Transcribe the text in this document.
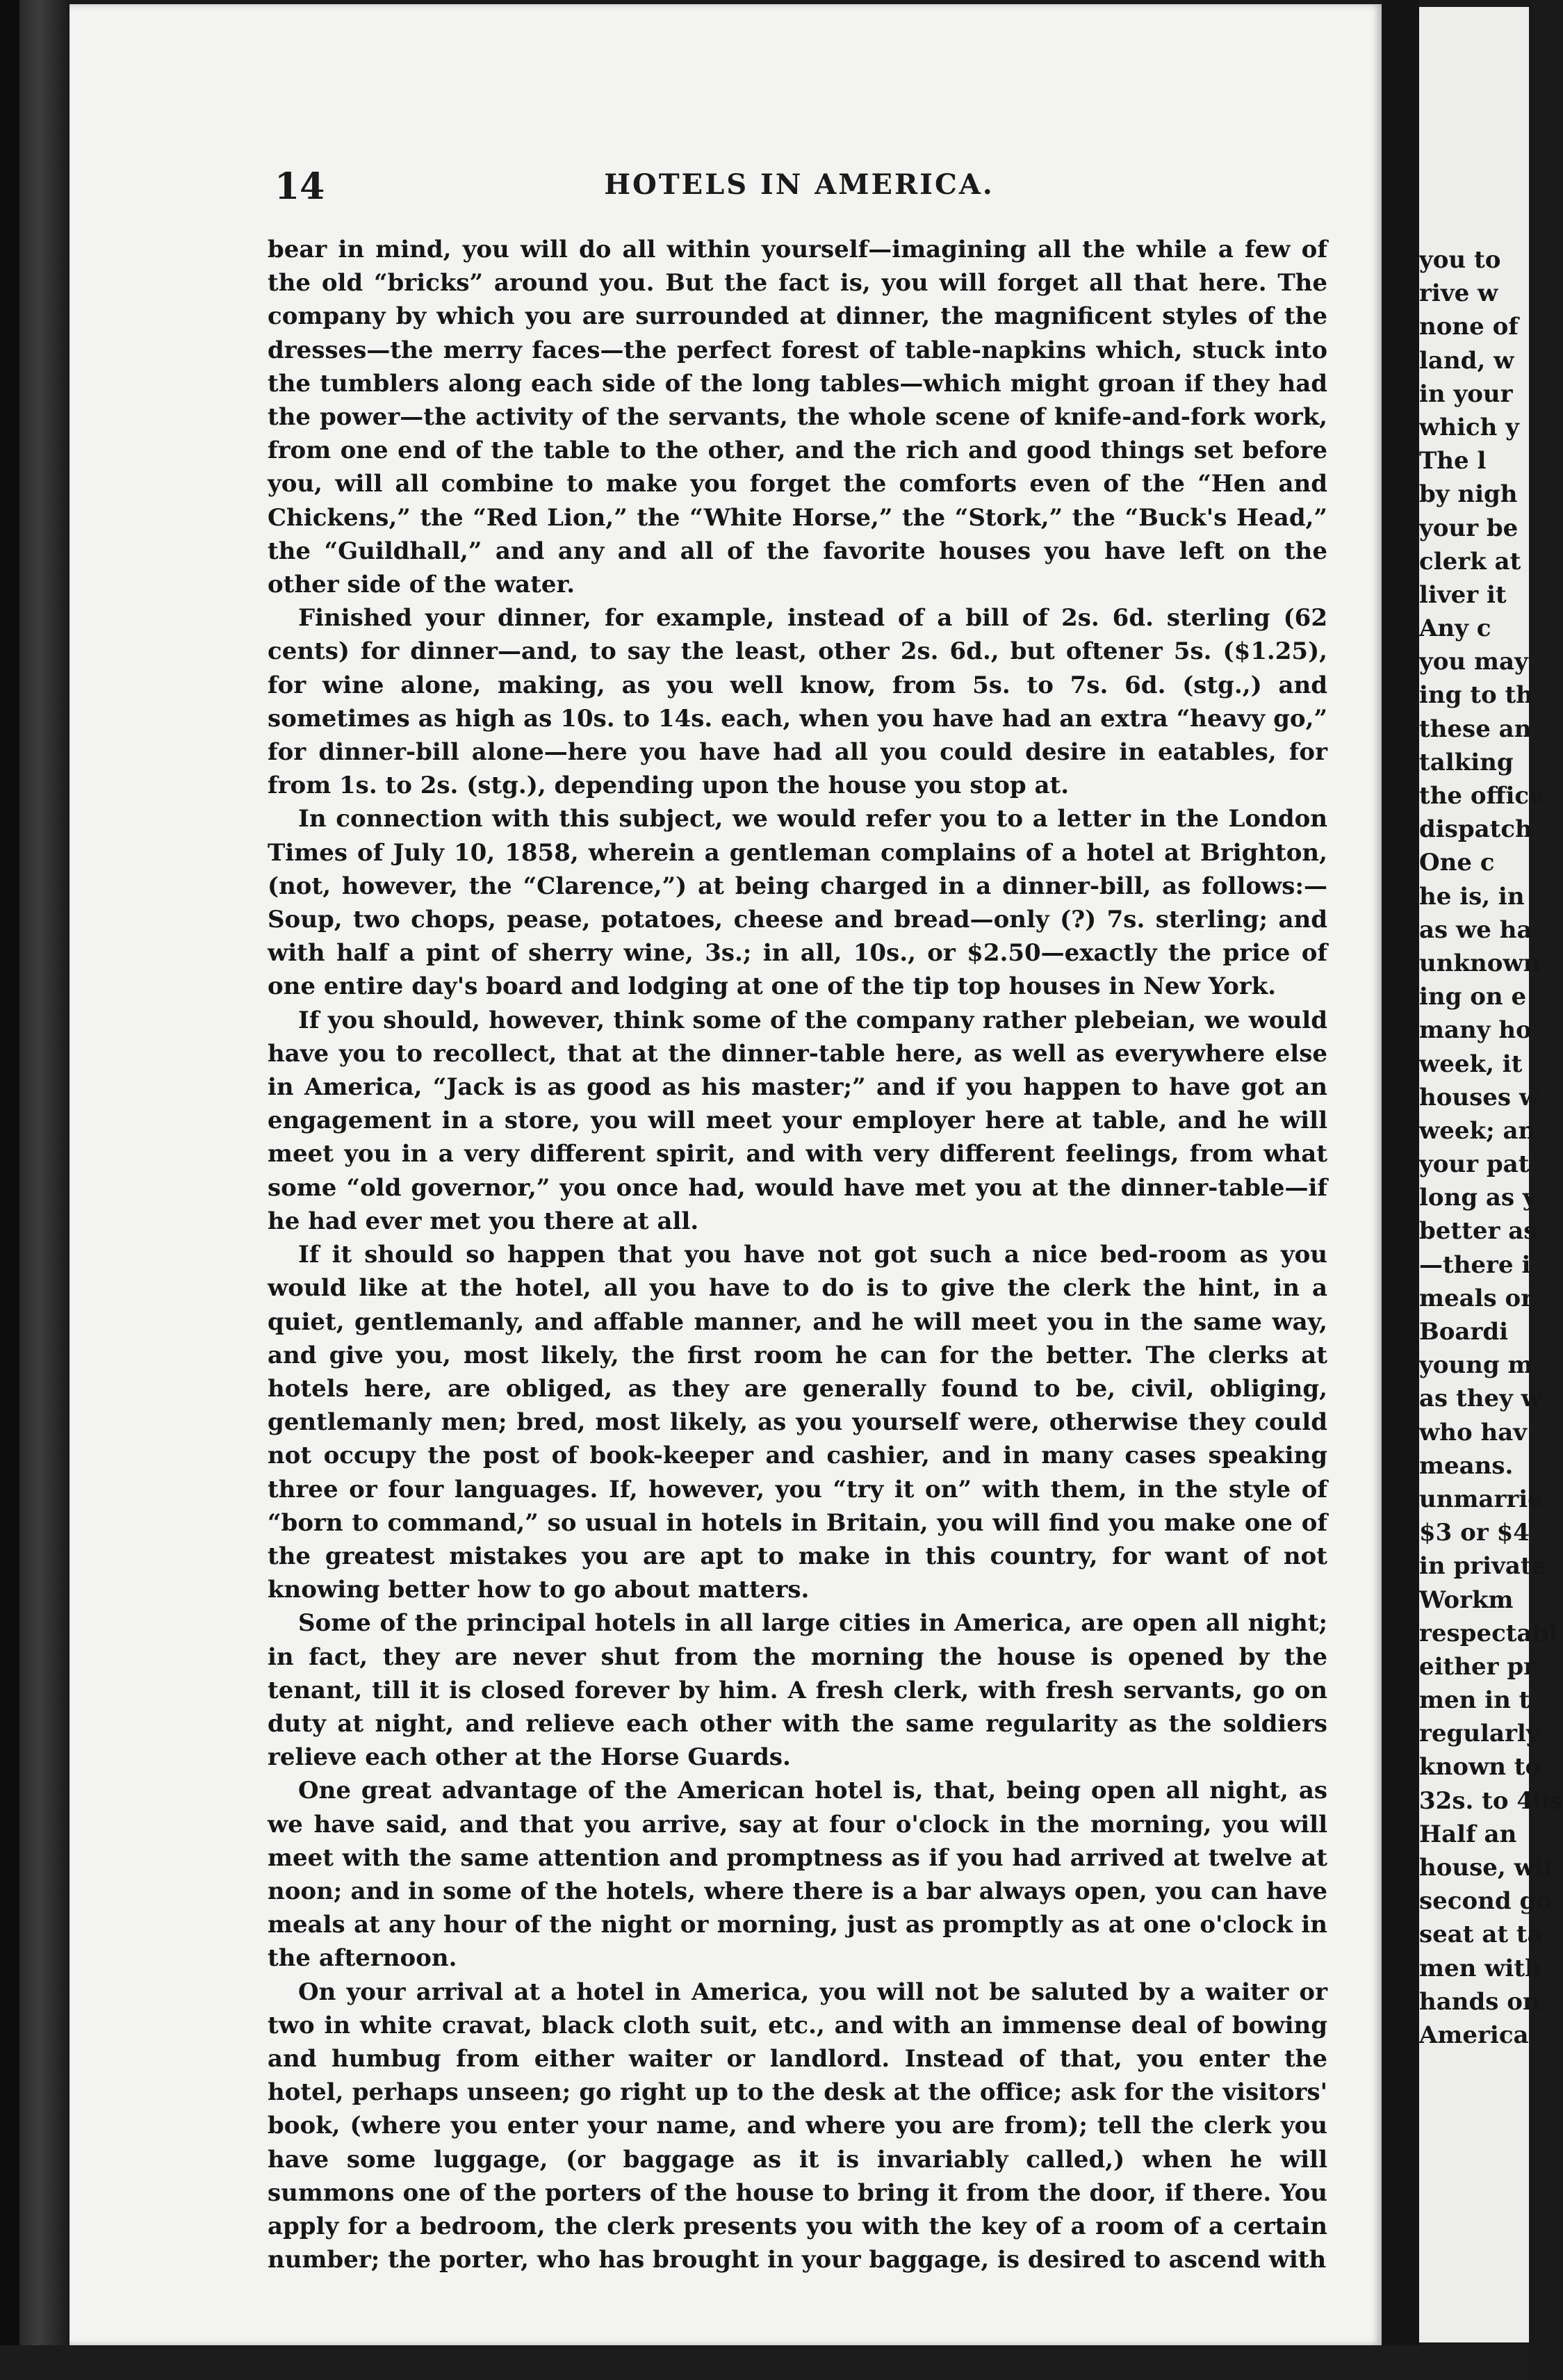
14	HOTELS IN AMERICA.

bear in mind, you will do all within yourself—imagining all the while a few of the old “bricks” around you. But the fact is, you will forget all that here. The company by which you are surrounded at dinner, the magnificent styles of the dresses—the merry faces—the perfect forest of table-napkins which, stuck into the tumblers along each side of the long tables—which might groan if they had the power—the activity of the servants, the whole scene of knife-and-fork work, from one end of the table to the other, and the rich and good things set before you, will all combine to make you forget the comforts even of the “Hen and Chickens,” the “Red Lion,” the “White Horse,” the “Stork,” the “Buck's Head,” the “Guildhall,” and any and all of the favorite houses you have left on the other side of the water.

Finished your dinner, for example, instead of a bill of 2s. 6d. sterling (62 cents) for dinner—and, to say the least, other 2s. 6d., but oftener 5s. ($1.25), for wine alone, making, as you well know, from 5s. to 7s. 6d. (stg.,) and sometimes as high as 10s. to 14s. each, when you have had an extra “heavy go,” for dinner-bill alone—here you have had all you could desire in eatables, for from 1s. to 2s. (stg.), depending upon the house you stop at.

In connection with this subject, we would refer you to a letter in the London Times of July 10, 1858, wherein a gentleman complains of a hotel at Brighton, (not, however, the “Clarence,”) at being charged in a dinner-bill, as follows:—Soup, two chops, pease, potatoes, cheese and bread—only (?) 7s. sterling; and with half a pint of sherry wine, 3s.; in all, 10s., or $2.50—exactly the price of one entire day's board and lodging at one of the tip top houses in New York.

If you should, however, think some of the company rather plebeian, we would have you to recollect, that at the dinner-table here, as well as everywhere else in America, “Jack is as good as his master;” and if you happen to have got an engagement in a store, you will meet your employer here at table, and he will meet you in a very different spirit, and with very different feelings, from what some “old governor,” you once had, would have met you at the dinner-table—if he had ever met you there at all.

If it should so happen that you have not got such a nice bed-room as you would like at the hotel, all you have to do is to give the clerk the hint, in a quiet, gentlemanly, and affable manner, and he will meet you in the same way, and give you, most likely, the first room he can for the better. The clerks at hotels here, are obliged, as they are generally found to be, civil, obliging, gentlemanly men; bred, most likely, as you yourself were, otherwise they could not occupy the post of book-keeper and cashier, and in many cases speaking three or four languages. If, however, you “try it on” with them, in the style of “born to command,” so usual in hotels in Britain, you will find you make one of the greatest mistakes you are apt to make in this country, for want of not knowing better how to go about matters.

Some of the principal hotels in all large cities in America, are open all night; in fact, they are never shut from the morning the house is opened by the tenant, till it is closed forever by him. A fresh clerk, with fresh servants, go on duty at night, and relieve each other with the same regularity as the soldiers relieve each other at the Horse Guards.

One great advantage of the American hotel is, that, being open all night, as we have said, and that you arrive, say at four o'clock in the morning, you will meet with the same attention and promptness as if you had arrived at twelve at noon; and in some of the hotels, where there is a bar always open, you can have meals at any hour of the night or morning, just as promptly as at one o'clock in the afternoon.

On your arrival at a hotel in America, you will not be saluted by a waiter or two in white cravat, black cloth suit, etc., and with an immense deal of bowing and humbug from either waiter or landlord. Instead of that, you enter the hotel, perhaps unseen; go right up to the desk at the office; ask for the visitors' book, (where you enter your name, and where you are from); tell the clerk you have some luggage, (or baggage as it is invariably called,) when he will summons one of the porters of the house to bring it from the door, if there. You apply for a bedroom, the clerk presents you with the key of a room of a certain number; the porter, who has brought in your baggage, is desired to ascend with

you to
rive w
none of
land, w
in your
which y
The l
by nigh
your be
clerk at
liver it
Any c
you may
ing to th
these an
talking
the office
dispatch
One c
he is, in
as we ha
unknown
ing on e
many ho
week, it
houses w
week; an
your pat
long as y
better as
—there i
meals or
Boardi
young m
as they w
who hav
means.
unmarrie
$3 or $4
in private
Workm
respectabl
either pr
men in t
regularly
known to
32s. to 40s
Half an
house, wit
second go
seat at ta
men with
hands on.
America
